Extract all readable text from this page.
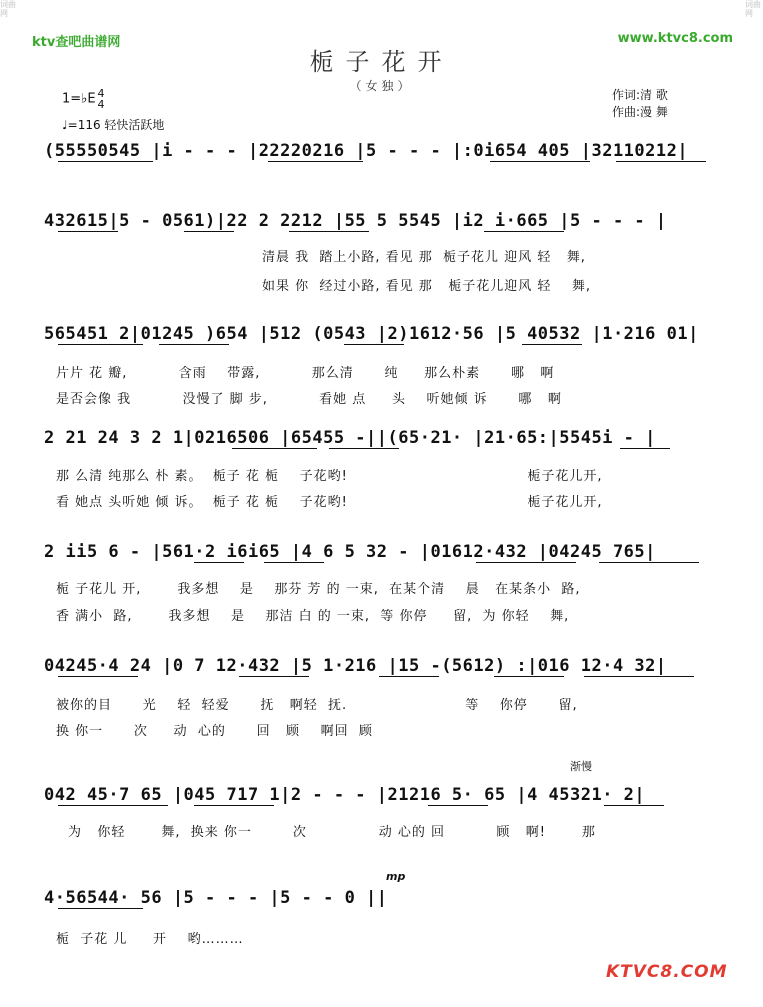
词曲网
词曲网
ktv查吧曲谱网	www.ktvc8.com
栀子花开
（女独）
1=♭E 4
4
♩=116 轻快活跃地
作词:清 歌
作曲:漫 舞
(55550545 |i - - - |22220216 |5 - - - |:0i654 405 |32110212|
432615|5 - 0561)|22 2 2212 |55 5 5545 |i2 i·665 |5 - - - |
清晨 我  踏上小路, 看见 那  栀子花儿 迎风 轻   舞,
如果 你  经过小路, 看见 那   栀子花儿迎风 轻    舞,
565451 2|01245 )654 |512 (0543 |2)1612·56 |5 40532 |1·216 01|
片片 花 瓣,          含雨    带露,          那么清      纯     那么朴素      哪   啊
是否会像 我          没慢了 脚 步,          看她 点     头    听她倾 诉      哪   啊
2 21 24 3 2 1|0216506 |65455 -||(65·21· |21·65:|5545i - |
那 么清 纯那么 朴 素。  栀子 花 栀    子花哟!                                   栀子花儿开,
看 她点 头听她 倾 诉。  栀子 花 栀    子花哟!                                   栀子花儿开,
2 ii5 6 - |561·2 i6i65 |4 6 5 32 - |01612·432 |04245 765|
栀 子花儿 开,       我多想    是    那芬 芳 的 一束,  在某个清    晨   在某条小  路,
香 满小  路,       我多想    是    那洁 白 的 一束,  等 你停     留,  为 你轻    舞,
04245·4 24 |0 7 12·432 |5 1·216 |15 -(5612) :|016 12·4 32|
被你的目      光    轻  轻爱      抚   啊轻  抚.                       等    你停      留,
换 你一      次     动  心的      回   顾    啊回  顾
042 45·7 65 |045 717 1|2 - - - |21216 5· 65 |4 45321· 2|
渐慢
为   你轻       舞,  换来 你一        次              动 心的 回          顾   啊!       那
4·56544· 56 |5 - - - |5 - - 0 ||
mp
栀  子花 儿     开    哟………
KTVC8.COM
